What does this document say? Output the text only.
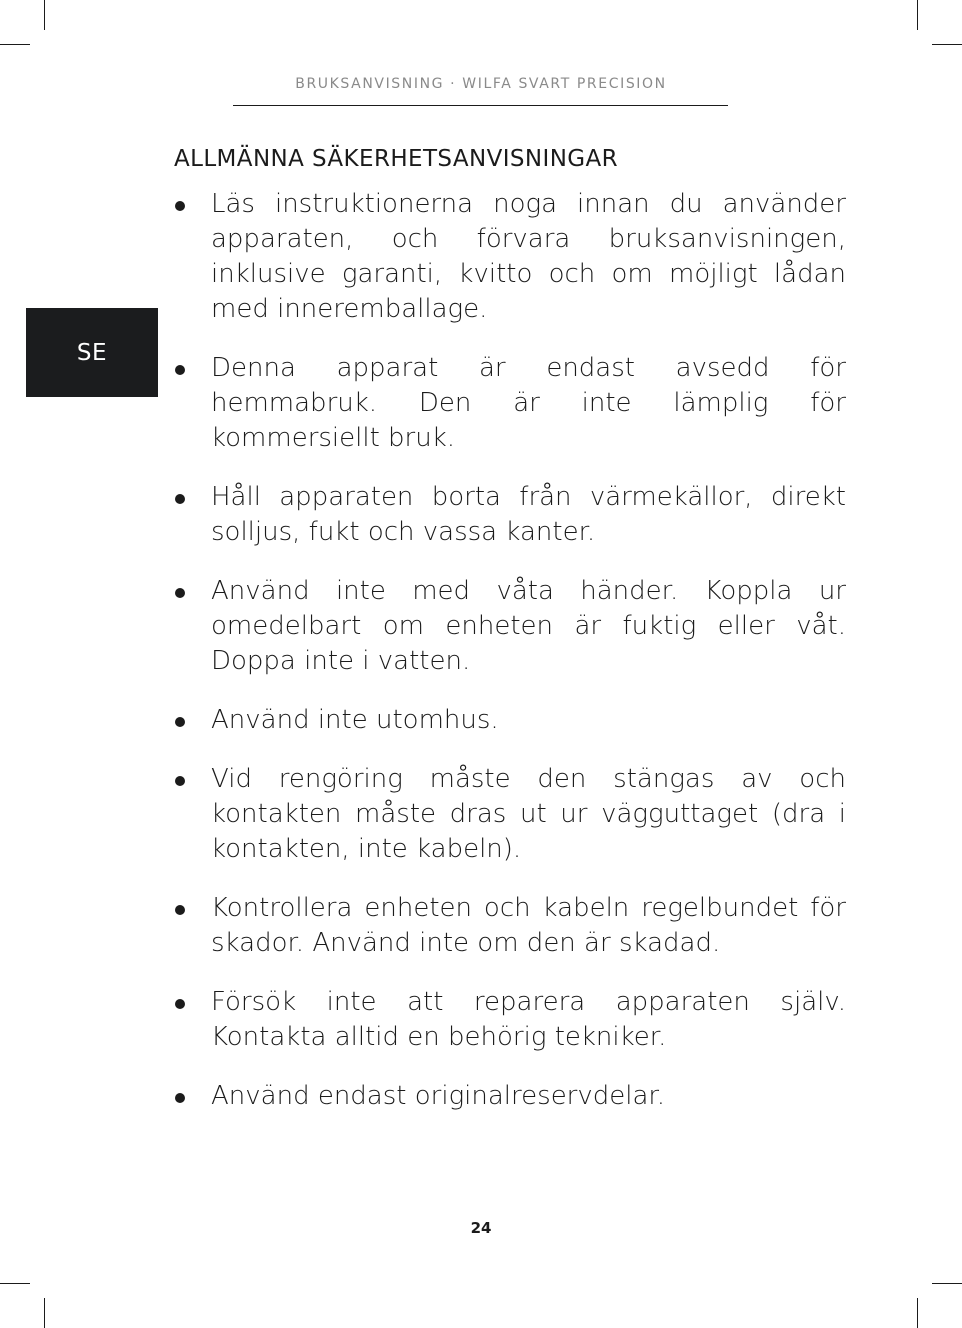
BRUKSANVISNING · WILFA SVART PRECISION
SE
ALLMÄNNA SÄKERHETSANVISNINGAR
Läs instruktionerna noga innan du använder apparaten, och förvara bruksanvisningen, inklusive garanti, kvitto och om möjligt lådan med inneremballage.
Denna apparat är endast avsedd för hemmabruk. Den är inte lämplig för kommersiellt bruk.
Håll apparaten borta från värmekällor, direkt solljus, fukt och vassa kanter.
Använd inte med våta händer. Koppla ur omedelbart om enheten är fuktig eller våt. Doppa inte i vatten.
Använd inte utomhus.
Vid rengöring måste den stängas av och kontakten måste dras ut ur vägguttaget (dra i kontakten, inte kabeln).
Kontrollera enheten och kabeln regelbundet för skador. Använd inte om den är skadad.
Försök inte att reparera apparaten själv. Kontakta alltid en behörig tekniker.
Använd endast originalreservdelar.
24
